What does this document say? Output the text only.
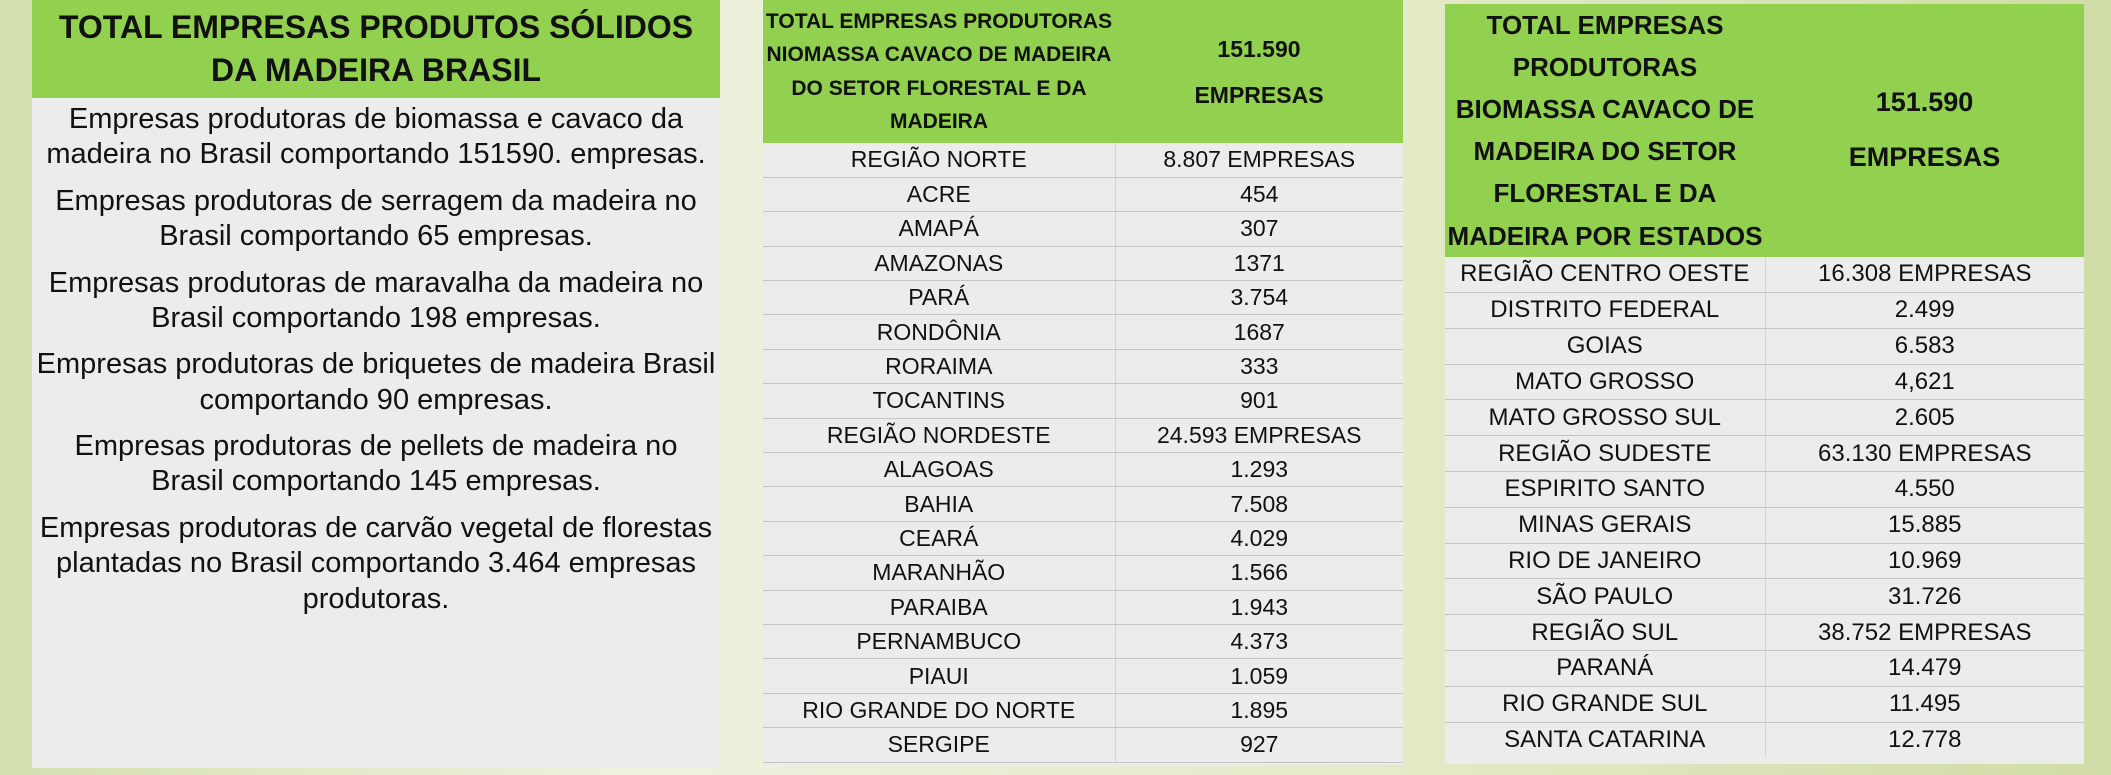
TOTAL EMPRESAS PRODUTOS SÓLIDOS DA MADEIRA BRASIL

Empresas produtoras de biomassa e cavaco da madeira no Brasil comportando 151590. empresas.

Empresas produtoras de serragem da madeira no Brasil comportando 65 empresas.

Empresas produtoras de maravalha da madeira no Brasil comportando 198 empresas.

Empresas produtoras de briquetes de madeira Brasil comportando 90 empresas.

Empresas produtoras de pellets de madeira no Brasil comportando 145 empresas.

Empresas produtoras de carvão vegetal de florestas plantadas no Brasil comportando 3.464 empresas produtoras.

TOTAL EMPRESAS PRODUTORAS NIOMASSA CAVACO DE MADEIRA DO SETOR FLORESTAL E DA MADEIRA	151.590
EMPRESAS
REGIÃO NORTE	8.807 EMPRESAS
ACRE	454
AMAPÁ	307
AMAZONAS	1371
PARÁ	3.754
RONDÔNIA	1687
RORAIMA	333
TOCANTINS	901
REGIÃO NORDESTE	24.593 EMPRESAS
ALAGOAS	1.293
BAHIA	7.508
CEARÁ	4.029
MARANHÃO	1.566
PARAIBA	1.943
PERNAMBUCO	4.373
PIAUI	1.059
RIO GRANDE DO NORTE	1.895
SERGIPE	927
TOTAL EMPRESAS PRODUTORAS BIOMASSA CAVACO DE MADEIRA DO SETOR FLORESTAL E DA MADEIRA POR ESTADOS	151.590
EMPRESAS
REGIÃO CENTRO OESTE	16.308 EMPRESAS
DISTRITO FEDERAL	2.499
GOIAS	6.583
MATO GROSSO	4,621
MATO GROSSO SUL	2.605
REGIÃO SUDESTE	63.130 EMPRESAS
ESPIRITO SANTO	4.550
MINAS GERAIS	15.885
RIO DE JANEIRO	10.969
SÃO PAULO	31.726
REGIÃO SUL	38.752 EMPRESAS
PARANÁ	14.479
RIO GRANDE SUL	11.495
SANTA CATARINA	12.778
